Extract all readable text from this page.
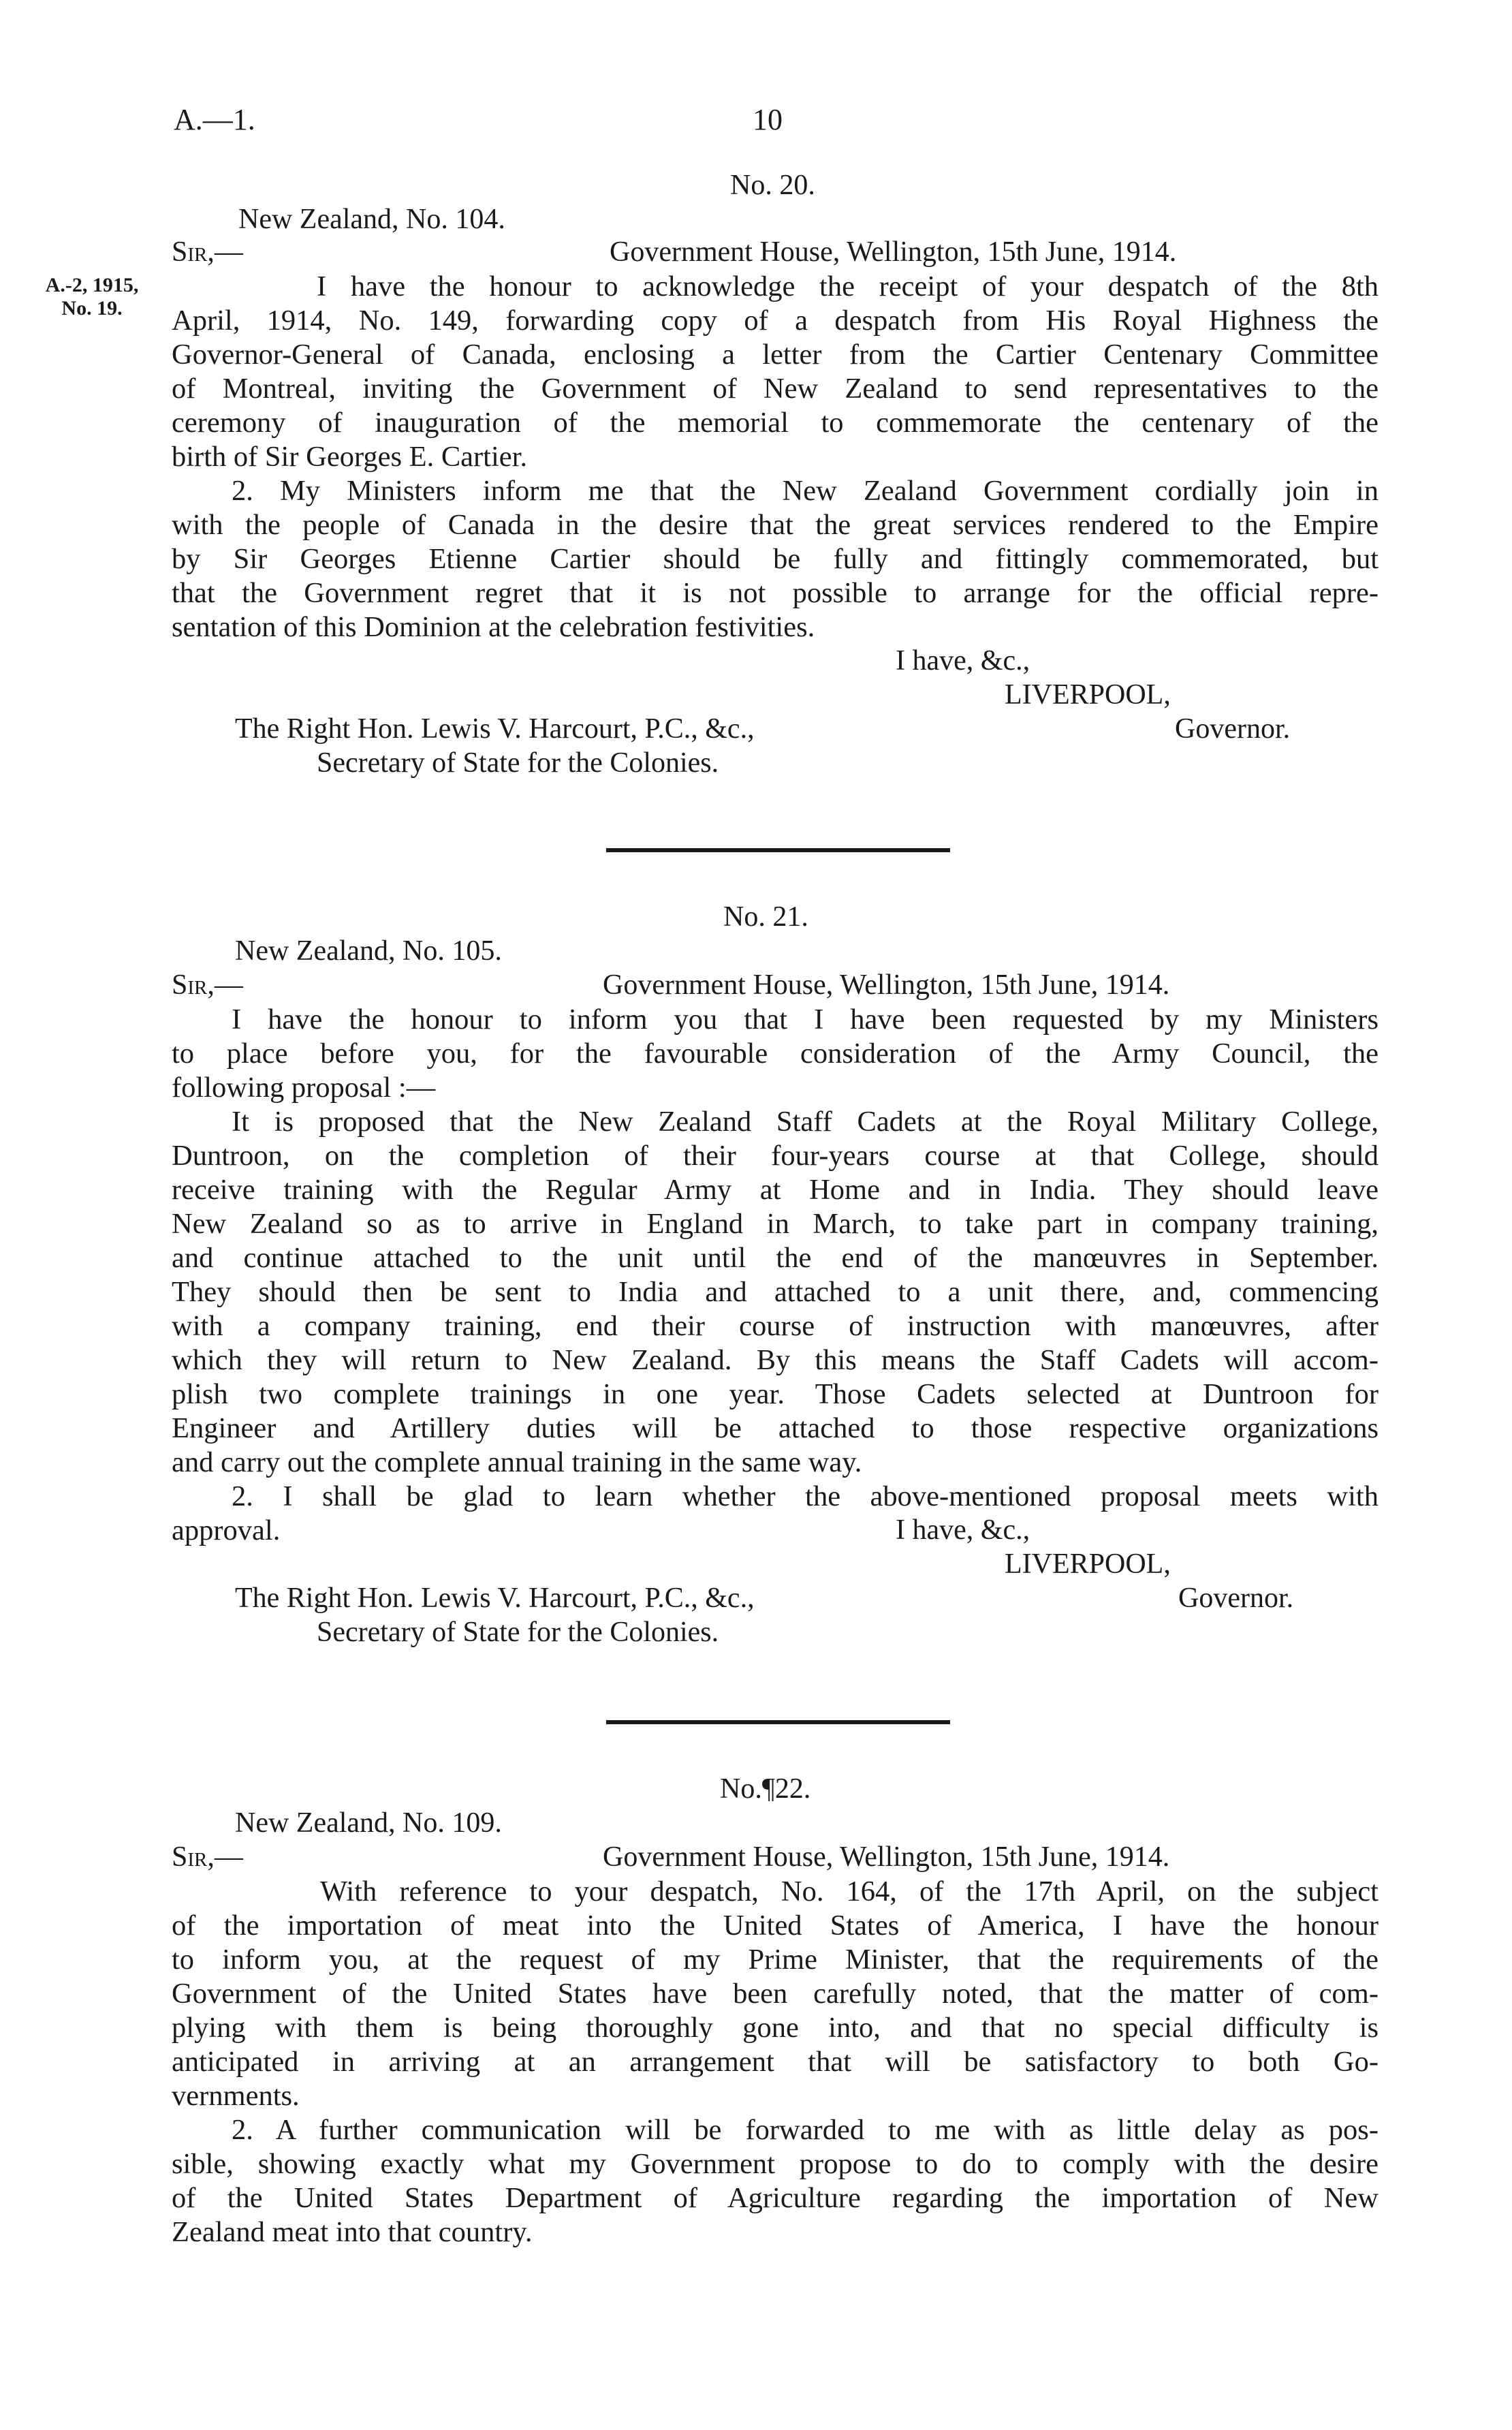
A.—1.	10
No. 20.
New Zealand, No. 104.
Sir,—	Government House, Wellington, 15th June, 1914.
A.-2, 1915,
No. 19.
I have the honour to acknowledge the receipt of your despatch of the 8th
April, 1914, No. 149, forwarding copy of a despatch from His Royal Highness the
Governor-General of Canada, enclosing a letter from the Cartier Centenary Committee
of Montreal, inviting the Government of New Zealand to send representatives to the
ceremony of inauguration of the memorial to commemorate the centenary of the
birth of Sir Georges E. Cartier.
2. My Ministers inform me that the New Zealand Government cordially join in
with the people of Canada in the desire that the great services rendered to the Empire
by Sir Georges Etienne Cartier should be fully and fittingly commemorated, but
that the Government regret that it is not possible to arrange for the official repre-
sentation of this Dominion at the celebration festivities.
I have, &c.,
LIVERPOOL,
The Right Hon. Lewis V. Harcourt, P.C., &c.,	Governor.
Secretary of State for the Colonies.
No. 21.
New Zealand, No. 105.
Sir,—	Government House, Wellington, 15th June, 1914.
I have the honour to inform you that I have been requested by my Ministers
to place before you, for the favourable consideration of the Army Council, the
following proposal :—
It is proposed that the New Zealand Staff Cadets at the Royal Military College,
Duntroon, on the completion of their four-years course at that College, should
receive training with the Regular Army at Home and in India. They should leave
New Zealand so as to arrive in England in March, to take part in company training,
and continue attached to the unit until the end of the manœuvres in September.
They should then be sent to India and attached to a unit there, and, commencing
with a company training, end their course of instruction with manœuvres, after
which they will return to New Zealand. By this means the Staff Cadets will accom-
plish two complete trainings in one year. Those Cadets selected at Duntroon for
Engineer and Artillery duties will be attached to those respective organizations
and carry out the complete annual training in the same way.
2. I shall be glad to learn whether the above-mentioned proposal meets with
approval.	I have, &c.,
LIVERPOOL,
The Right Hon. Lewis V. Harcourt, P.C., &c.,	Governor.
Secretary of State for the Colonies.
No.¶22.
New Zealand, No. 109.
Sir,—	Government House, Wellington, 15th June, 1914.
With reference to your despatch, No. 164, of the 17th April, on the subject
of the importation of meat into the United States of America, I have the honour
to inform you, at the request of my Prime Minister, that the requirements of the
Government of the United States have been carefully noted, that the matter of com-
plying with them is being thoroughly gone into, and that no special difficulty is
anticipated in arriving at an arrangement that will be satisfactory to both Go-
vernments.
2. A further communication will be forwarded to me with as little delay as pos-
sible, showing exactly what my Government propose to do to comply with the desire
of the United States Department of Agriculture regarding the importation of New
Zealand meat into that country.
